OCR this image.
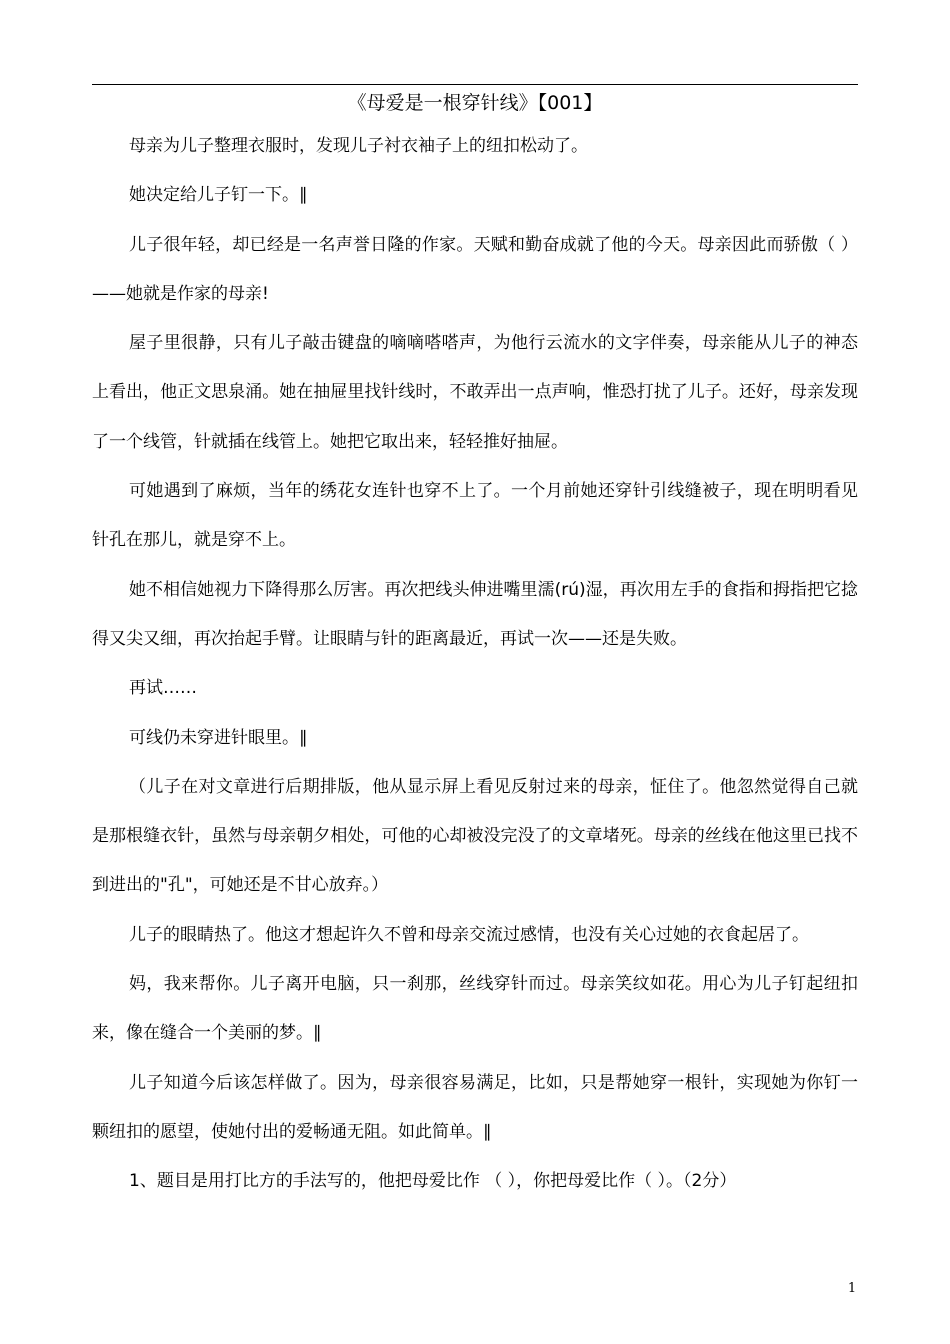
《母爱是一根穿针线》【001】

母亲为儿子整理衣服时，发现儿子衬衣袖子上的纽扣松动了。

她决定给儿子钉一下。∥

儿子很年轻，却已经是一名声誉日隆的作家。天赋和勤奋成就了他的今天。母亲因此而骄傲（ ）——她就是作家的母亲!

屋子里很静，只有儿子敲击键盘的嘀嘀嗒嗒声，为他行云流水的文字伴奏，母亲能从儿子的神态上看出，他正文思泉涌。她在抽屉里找针线时，不敢弄出一点声响，惟恐打扰了儿子。还好，母亲发现了一个线管，针就插在线管上。她把它取出来，轻轻推好抽屉。

可她遇到了麻烦，当年的绣花女连针也穿不上了。一个月前她还穿针引线缝被子，现在明明看见针孔在那儿，就是穿不上。

她不相信她视力下降得那么厉害。再次把线头伸进嘴里濡(rú)湿，再次用左手的食指和拇指把它捻得又尖又细，再次抬起手臂。让眼睛与针的距离最近，再试一次——还是失败。

再试……

可线仍未穿进针眼里。∥

（儿子在对文章进行后期排版，他从显示屏上看见反射过来的母亲，怔住了。他忽然觉得自己就是那根缝衣针，虽然与母亲朝夕相处，可他的心却被没完没了的文章堵死。母亲的丝线在他这里已找不到进出的"孔"，可她还是不甘心放弃。）

儿子的眼睛热了。他这才想起许久不曾和母亲交流过感情，也没有关心过她的衣食起居了。

妈，我来帮你。儿子离开电脑，只一刹那，丝线穿针而过。母亲笑纹如花。用心为儿子钉起纽扣来，像在缝合一个美丽的梦。∥

儿子知道今后该怎样做了。因为，母亲很容易满足，比如，只是帮她穿一根针，实现她为你钉一颗纽扣的愿望，使她付出的爱畅通无阻。如此简单。∥

1、题目是用打比方的手法写的，他把母爱比作 （ ），你把母爱比作（ ）。（2分）

1
